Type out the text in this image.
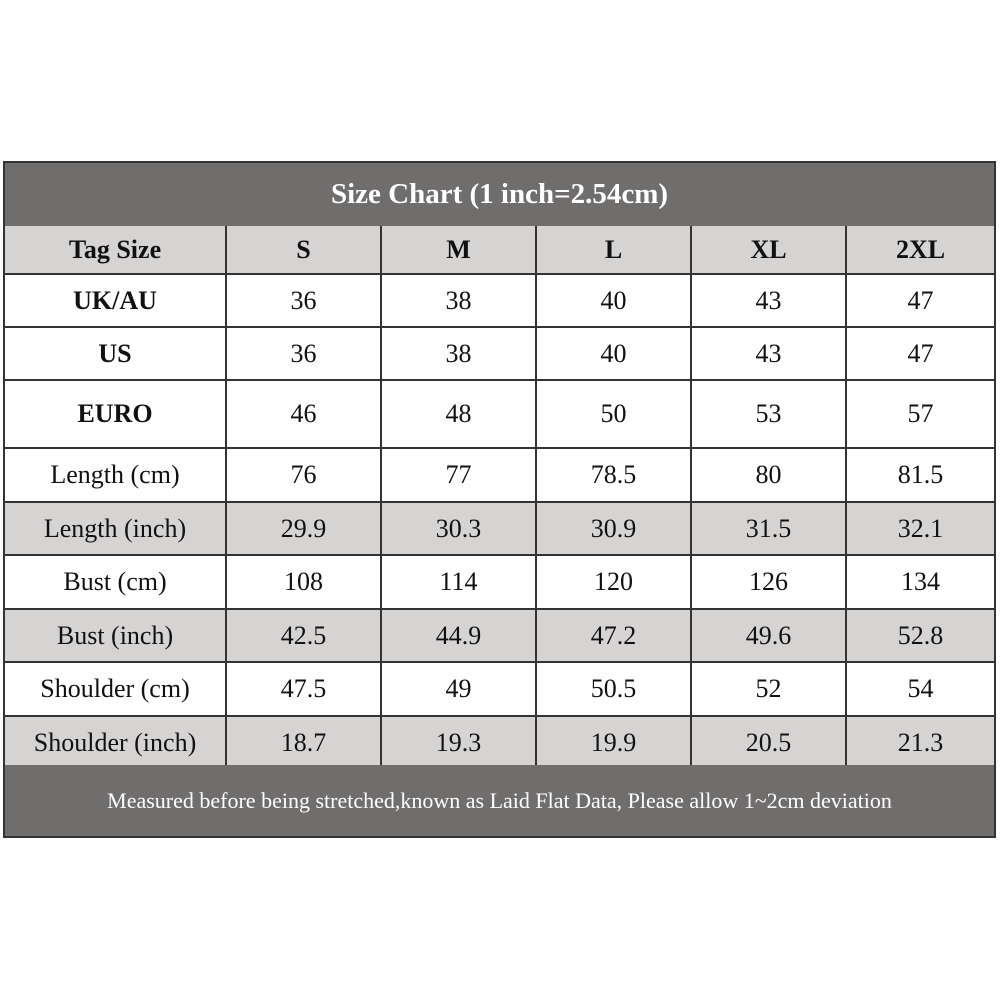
Size Chart (1 inch=2.54cm)
Tag Size	S	M	L	XL	2XL
UK/AU	36	38	40	43	47
US	36	38	40	43	47
EURO	46	48	50	53	57
Length (cm)	76	77	78.5	80	81.5
Length (inch)	29.9	30.3	30.9	31.5	32.1
Bust (cm)	108	114	120	126	134
Bust (inch)	42.5	44.9	47.2	49.6	52.8
Shoulder (cm)	47.5	49	50.5	52	54
Shoulder (inch)	18.7	19.3	19.9	20.5	21.3
Measured before being stretched,known as Laid Flat Data, Please allow 1~2cm deviation
